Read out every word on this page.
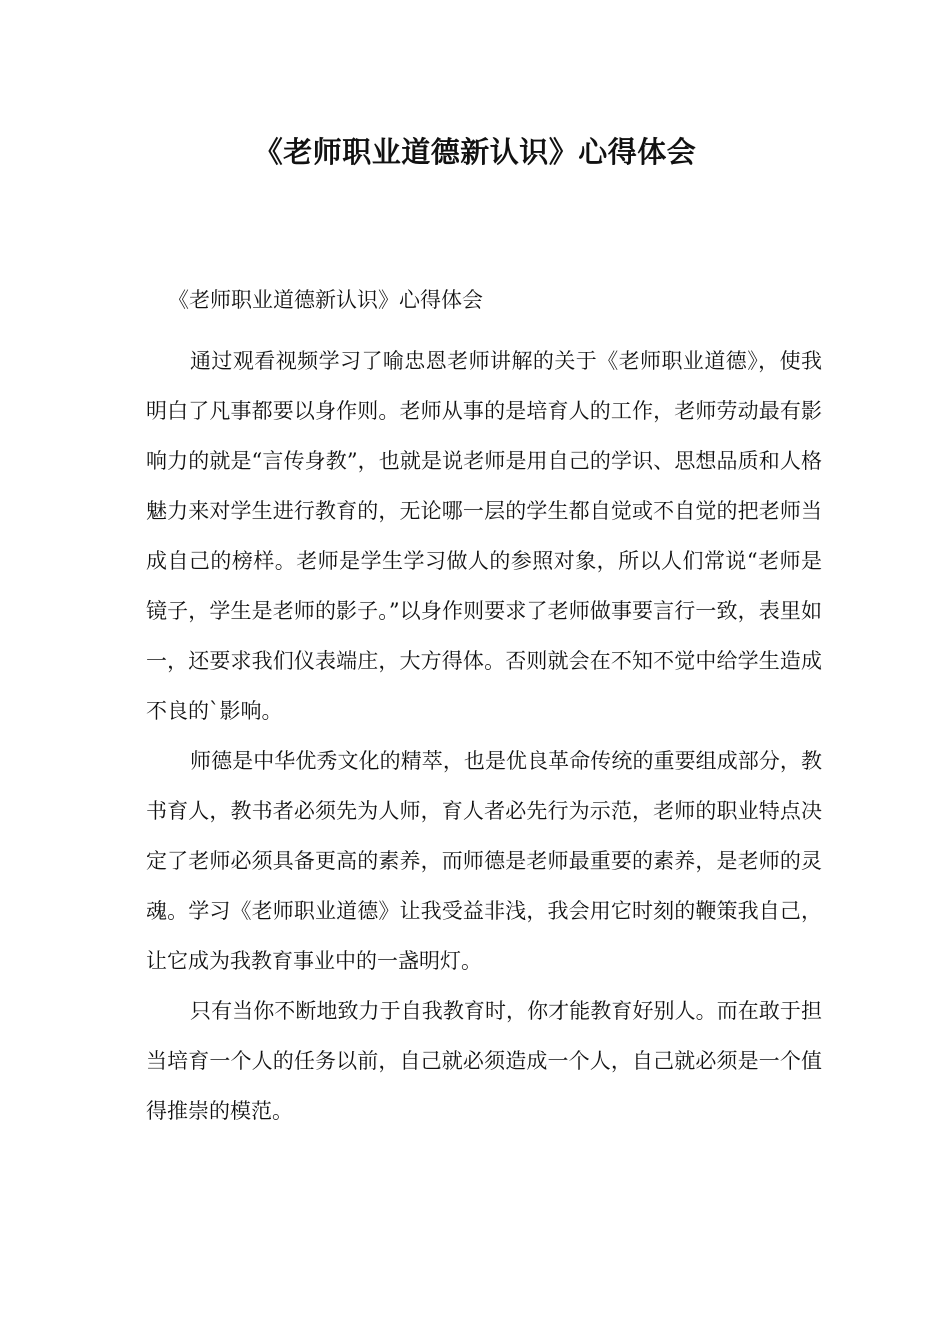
《老师职业道德新认识》心得体会

《老师职业道德新认识》心得体会

通过观看视频学习了喻忠恩老师讲解的关于《老师职业道德》，使我明白了凡事都要以身作则。老师从事的是培育人的工作，老师劳动最有影响力的就是“言传身教”，也就是说老师是用自己的学识、思想品质和人格魅力来对学生进行教育的，无论哪一层的学生都自觉或不自觉的把老师当成自己的榜样。老师是学生学习做人的参照对象，所以人们常说“老师是镜子，学生是老师的影子。”以身作则要求了老师做事要言行一致，表里如一，还要求我们仪表端庄，大方得体。否则就会在不知不觉中给学生造成不良的`影响。

师德是中华优秀文化的精萃，也是优良革命传统的重要组成部分，教书育人，教书者必须先为人师，育人者必先行为示范，老师的职业特点决定了老师必须具备更高的素养，而师德是老师最重要的素养，是老师的灵魂。学习《老师职业道德》让我受益非浅，我会用它时刻的鞭策我自己，让它成为我教育事业中的一盏明灯。

只有当你不断地致力于自我教育时，你才能教育好别人。而在敢于担当培育一个人的任务以前，自己就必须造成一个人，自己就必须是一个值得推崇的模范。
